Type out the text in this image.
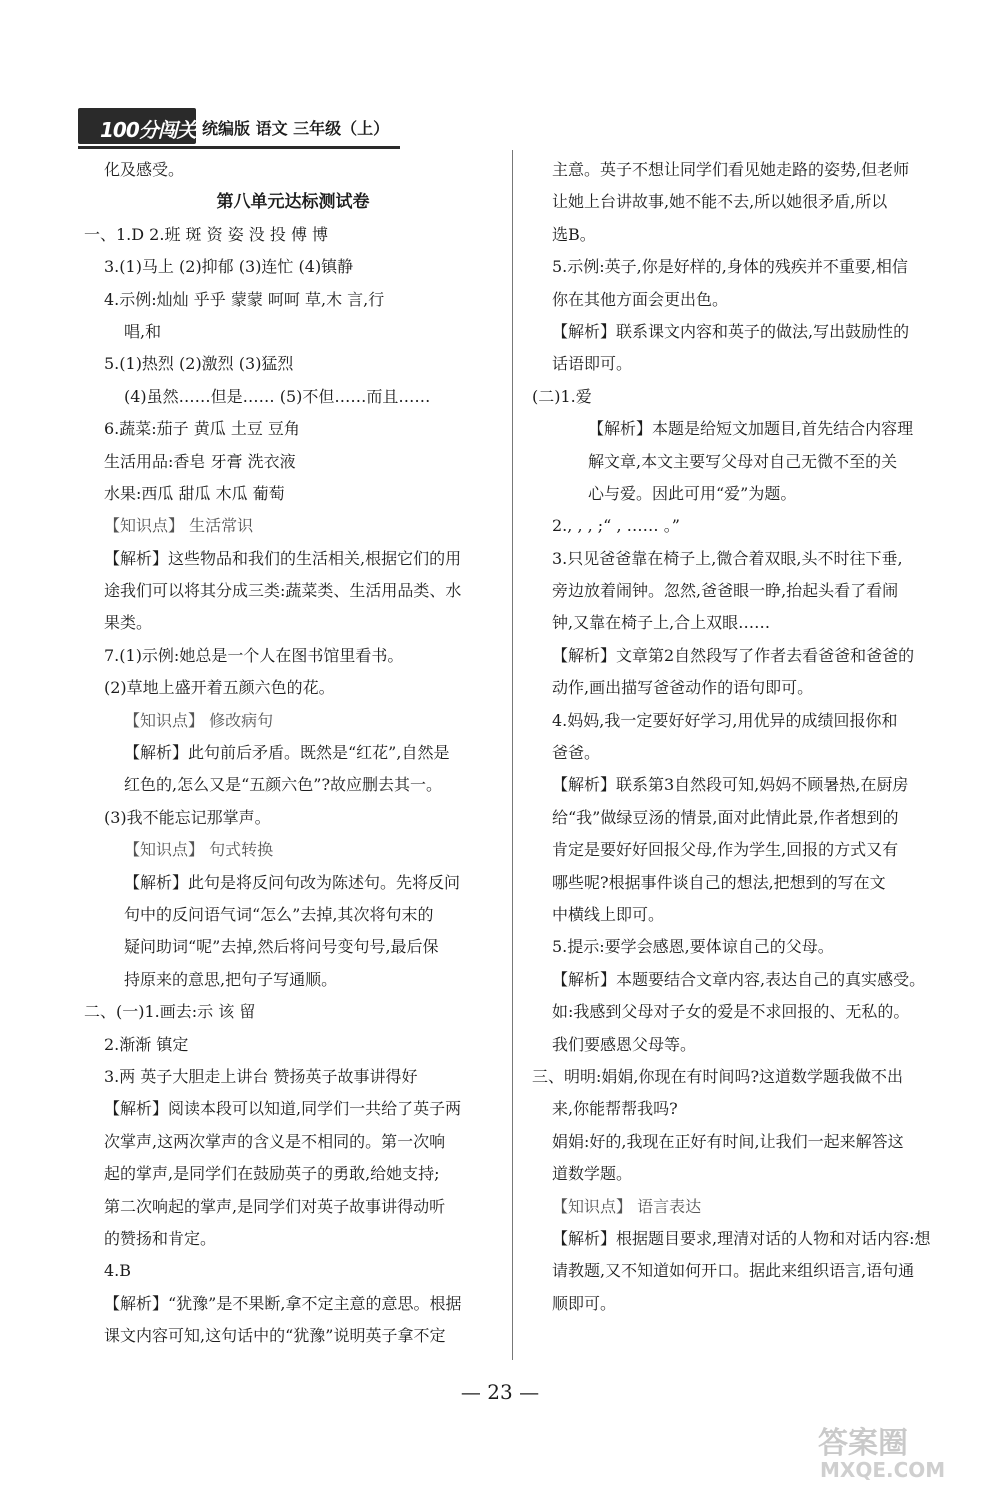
100分闯关 统编版 语文 三年级（上）
化及感受。
第八单元达标测试卷
一、1.D 2.班 斑 资 姿 没 投 傅 博
3.(1)马上 (2)抑郁 (3)连忙 (4)镇静
4.示例:灿灿 乎乎 蒙蒙 呵呵 草,木 言,行
唱,和
5.(1)热烈 (2)激烈 (3)猛烈
(4)虽然……但是…… (5)不但……而且……
6.蔬菜:茄子 黄瓜 土豆 豆角
生活用品:香皂 牙膏 洗衣液
水果:西瓜 甜瓜 木瓜 葡萄
【知识点】 生活常识
【解析】这些物品和我们的生活相关,根据它们的用
途我们可以将其分成三类:蔬菜类、生活用品类、水
果类。
7.(1)示例:她总是一个人在图书馆里看书。
(2)草地上盛开着五颜六色的花。
【知识点】 修改病句
【解析】此句前后矛盾。既然是“红花”,自然是
红色的,怎么又是“五颜六色”?故应删去其一。
(3)我不能忘记那掌声。
【知识点】 句式转换
【解析】此句是将反问句改为陈述句。先将反问
句中的反问语气词“怎么”去掉,其次将句末的
疑问助词“呢”去掉,然后将问号变句号,最后保
持原来的意思,把句子写通顺。
二、(一)1.画去:示 该 留
2.渐渐 镇定
3.两 英子大胆走上讲台 赞扬英子故事讲得好
【解析】阅读本段可以知道,同学们一共给了英子两
次掌声,这两次掌声的含义是不相同的。第一次响
起的掌声,是同学们在鼓励英子的勇敢,给她支持;
第二次响起的掌声,是同学们对英子故事讲得动听
的赞扬和肯定。
4.B
【解析】“犹豫”是不果断,拿不定主意的意思。根据
课文内容可知,这句话中的“犹豫”说明英子拿不定
主意。英子不想让同学们看见她走路的姿势,但老师
让她上台讲故事,她不能不去,所以她很矛盾,所以
选B。
5.示例:英子,你是好样的,身体的残疾并不重要,相信
你在其他方面会更出色。
【解析】联系课文内容和英子的做法,写出鼓励性的
话语即可。
(二)1.爱
【解析】本题是给短文加题目,首先结合内容理
解文章,本文主要写父母对自己无微不至的关
心与爱。因此可用“爱”为题。
2., , , ;“ , …… 。”
3.只见爸爸靠在椅子上,微合着双眼,头不时往下垂,
旁边放着闹钟。忽然,爸爸眼一睁,抬起头看了看闹
钟,又靠在椅子上,合上双眼……
【解析】文章第2自然段写了作者去看爸爸和爸爸的
动作,画出描写爸爸动作的语句即可。
4.妈妈,我一定要好好学习,用优异的成绩回报你和
爸爸。
【解析】联系第3自然段可知,妈妈不顾暑热,在厨房
给“我”做绿豆汤的情景,面对此情此景,作者想到的
肯定是要好好回报父母,作为学生,回报的方式又有
哪些呢?根据事件谈自己的想法,把想到的写在文
中横线上即可。
5.提示:要学会感恩,要体谅自己的父母。
【解析】本题要结合文章内容,表达自己的真实感受。
如:我感到父母对子女的爱是不求回报的、无私的。
我们要感恩父母等。
三、明明:娟娟,你现在有时间吗?这道数学题我做不出
来,你能帮帮我吗?
娟娟:好的,我现在正好有时间,让我们一起来解答这
道数学题。
【知识点】 语言表达
【解析】根据题目要求,理清对话的人物和对话内容:想
请教题,又不知道如何开口。据此来组织语言,语句通
顺即可。
— 23 —
答案圈
MXQE.COM
